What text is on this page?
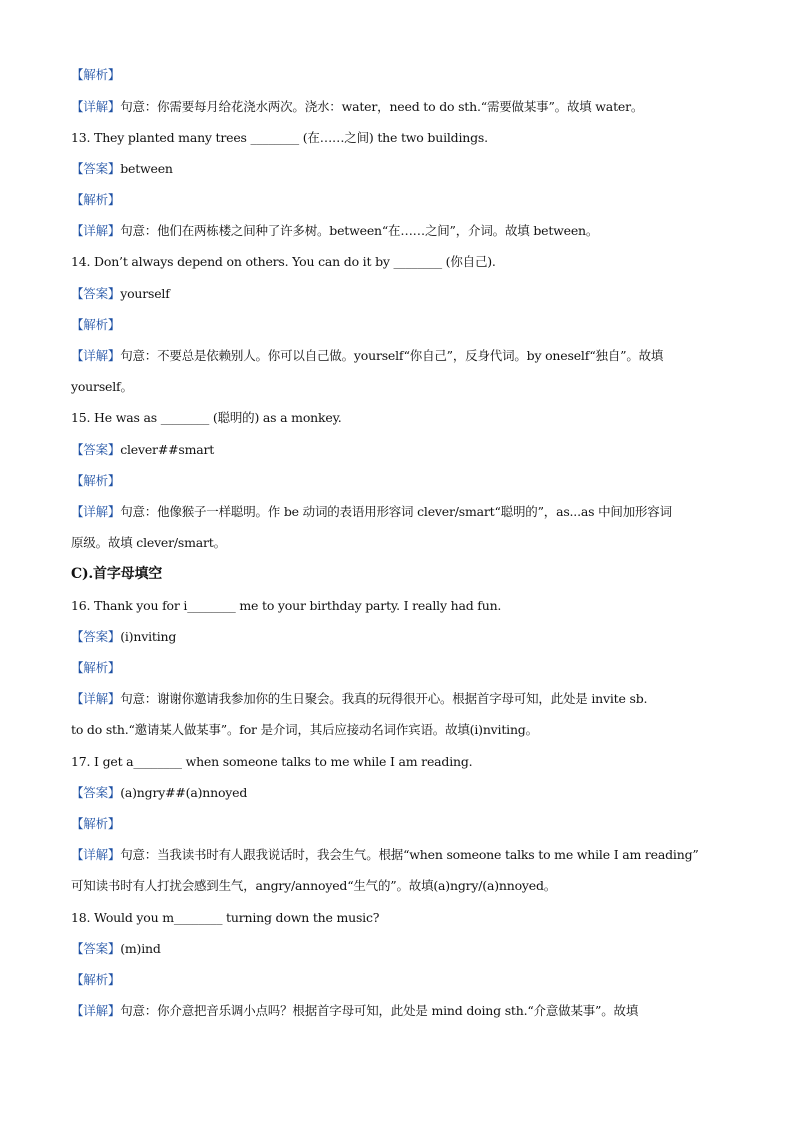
【解析】
【详解】句意：你需要每月给花浇水两次。浇水：water，need to do sth.“需要做某事”。故填 water。
13. They planted many trees ________ (在……之间) the two buildings.
【答案】between
【解析】
【详解】句意：他们在两栋楼之间种了许多树。between“在……之间”，介词。故填 between。
14. Don’t always depend on others. You can do it by ________ (你自己).
【答案】yourself
【解析】
【详解】句意：不要总是依赖别人。你可以自己做。yourself“你自己”，反身代词。by oneself“独自”。故填
yourself。
15. He was as ________ (聪明的) as a monkey.
【答案】clever##smart
【解析】
【详解】句意：他像猴子一样聪明。作 be 动词的表语用形容词 clever/smart“聪明的”，as...as 中间加形容词
原级。故填 clever/smart。
C).首字母填空
16. Thank you for i________ me to your birthday party. I really had fun.
【答案】(i)nviting
【解析】
【详解】句意：谢谢你邀请我参加你的生日聚会。我真的玩得很开心。根据首字母可知，此处是 invite sb.
to do sth.“邀请某人做某事”。for 是介词，其后应接动名词作宾语。故填(i)nviting。
17. I get a________ when someone talks to me while I am reading.
【答案】(a)ngry##(a)nnoyed
【解析】
【详解】句意：当我读书时有人跟我说话时，我会生气。根据“when someone talks to me while I am reading”
可知读书时有人打扰会感到生气，angry/annoyed“生气的”。故填(a)ngry/(a)nnoyed。
18. Would you m________ turning down the music?
【答案】(m)ind
【解析】
【详解】句意：你介意把音乐调小点吗？根据首字母可知，此处是 mind doing sth.“介意做某事”。故填
